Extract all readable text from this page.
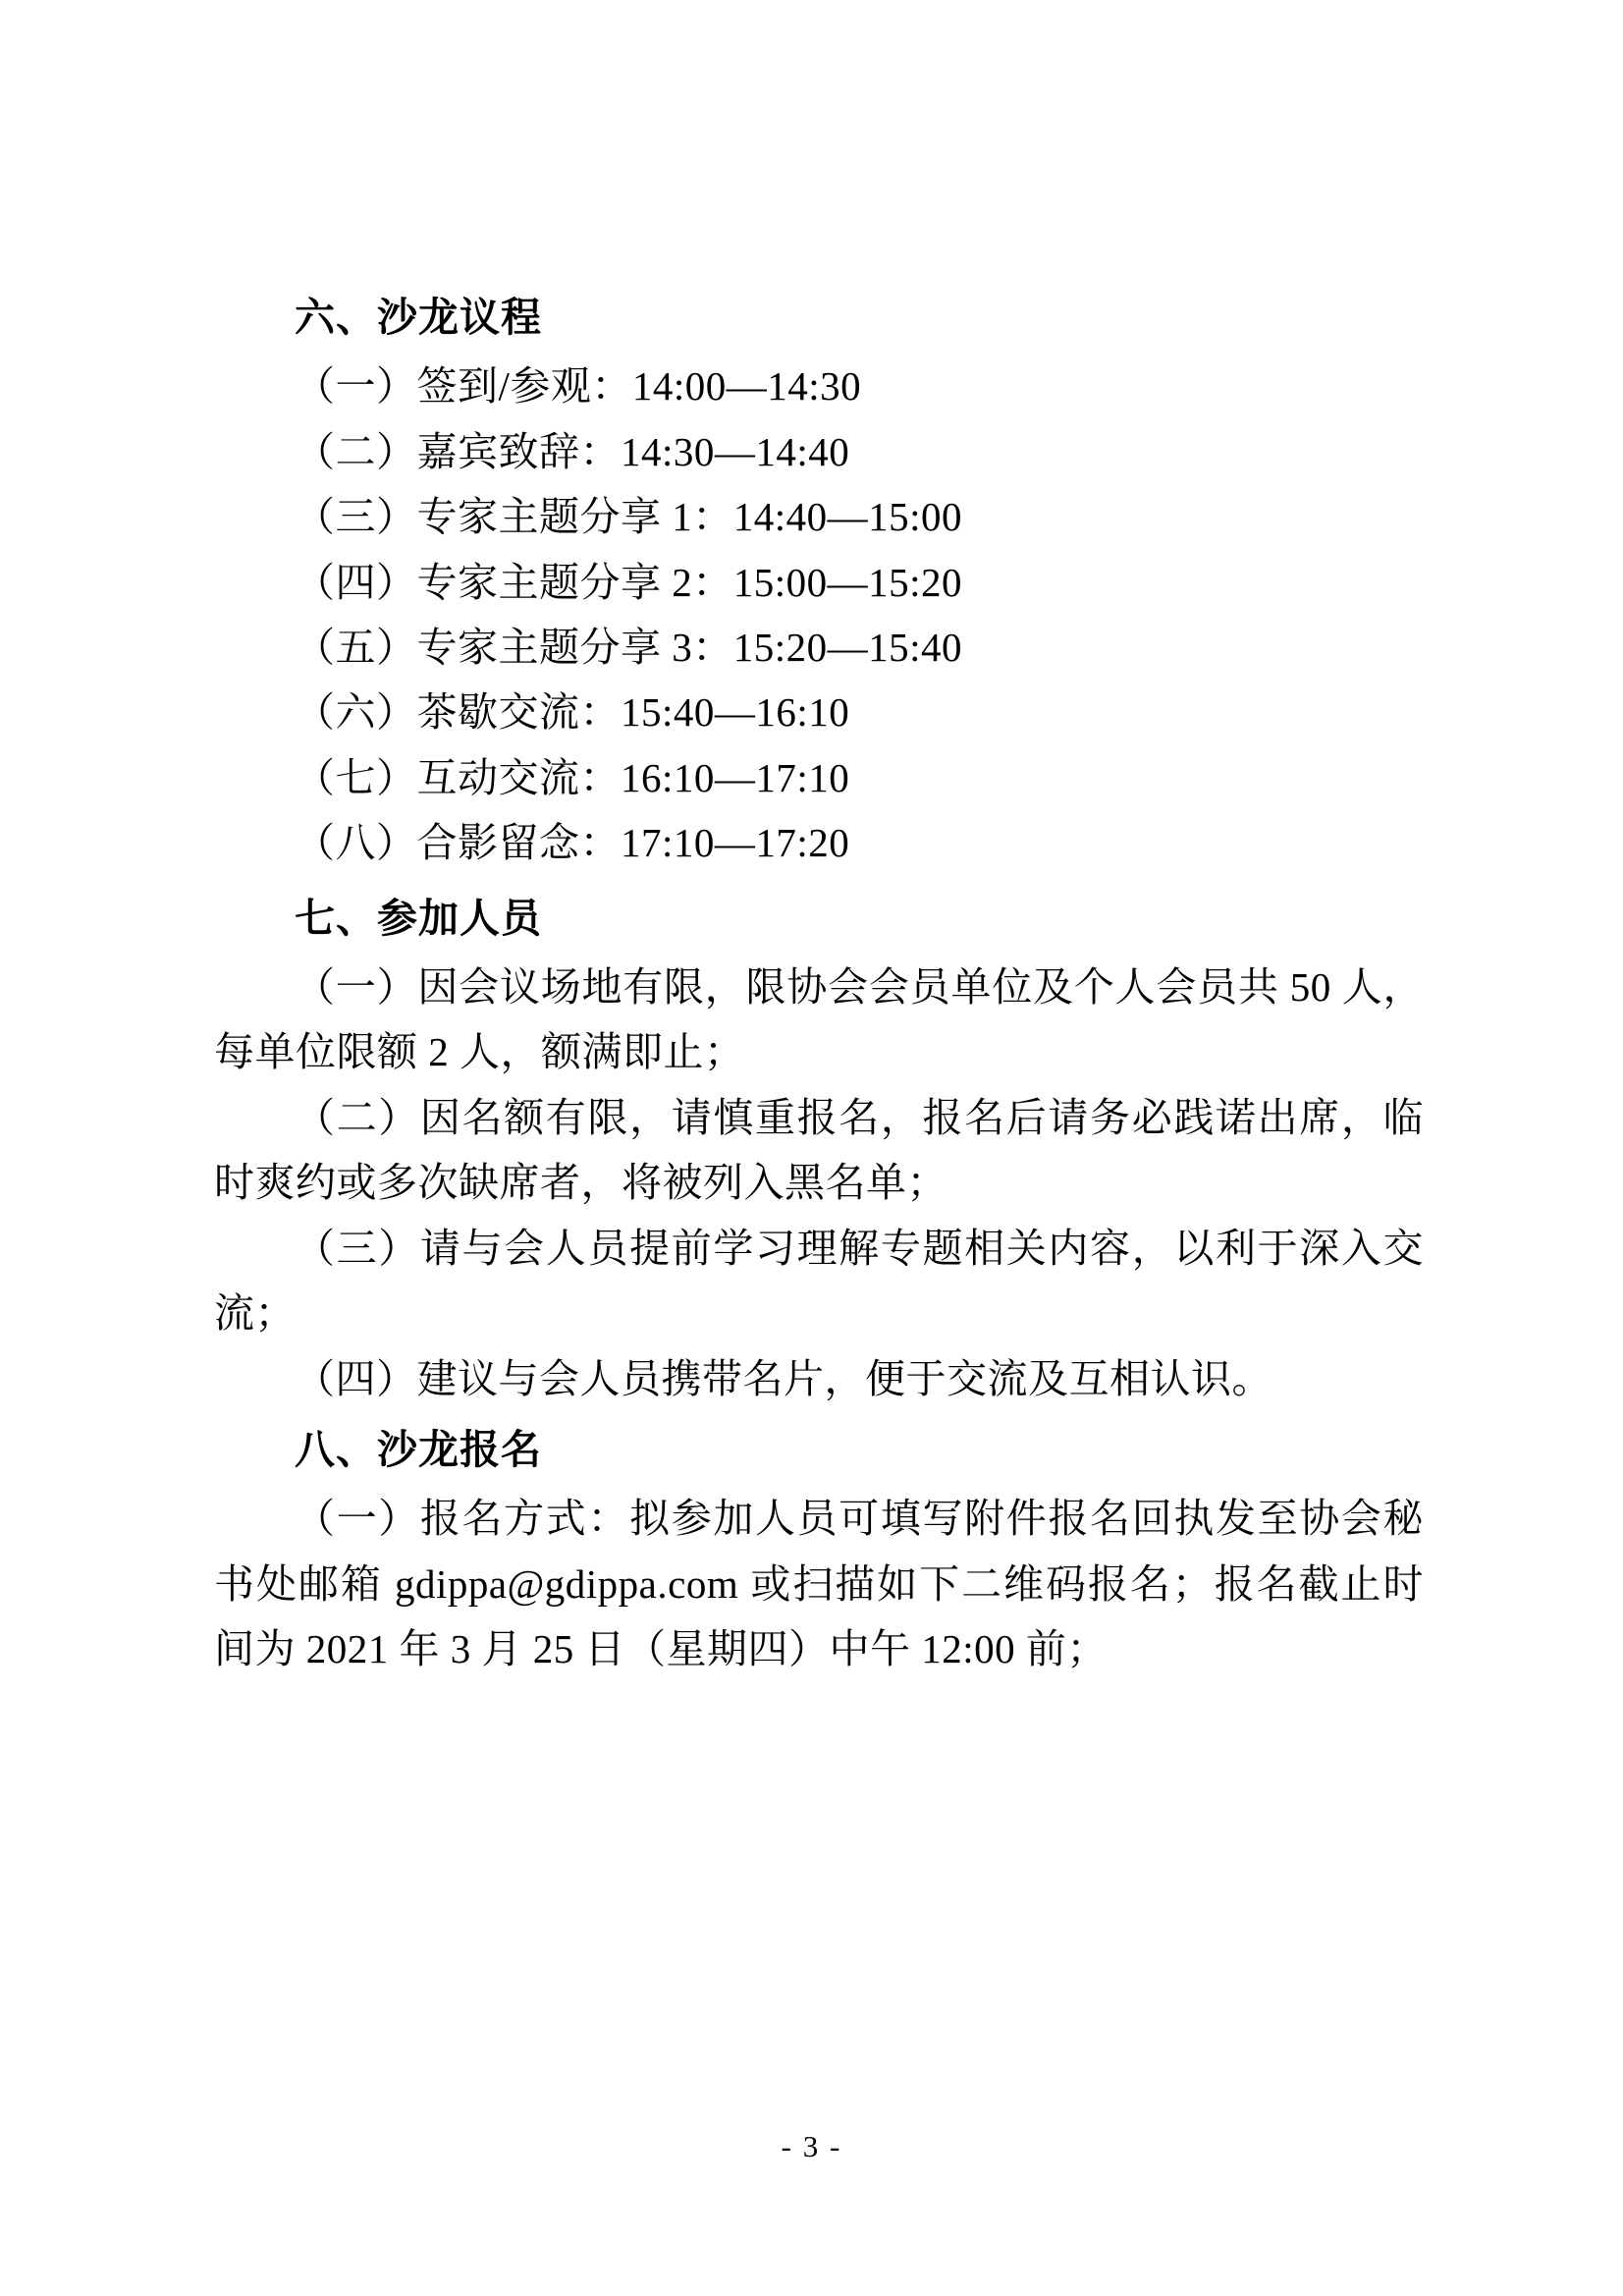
六、沙龙议程
（一）签到/参观：14:00—14:30
（二）嘉宾致辞：14:30—14:40
（三）专家主题分享 1：14:40—15:00
（四）专家主题分享 2：15:00—15:20
（五）专家主题分享 3：15:20—15:40
（六）茶歇交流：15:40—16:10
（七）互动交流：16:10—17:10
（八）合影留念：17:10—17:20
七、参加人员
（一）因会议场地有限，限协会会员单位及个人会员共 50 人，每单位限额 2 人，额满即止；
（二）因名额有限，请慎重报名，报名后请务必践诺出席，临时爽约或多次缺席者，将被列入黑名单；
（三）请与会人员提前学习理解专题相关内容，以利于深入交流；
（四）建议与会人员携带名片，便于交流及互相认识。
八、沙龙报名
（一）报名方式：拟参加人员可填写附件报名回执发至协会秘书处邮箱 gdippa@gdippa.com 或扫描如下二维码报名；报名截止时间为 2021 年 3 月 25 日（星期四）中午 12:00 前；
- 3 -
